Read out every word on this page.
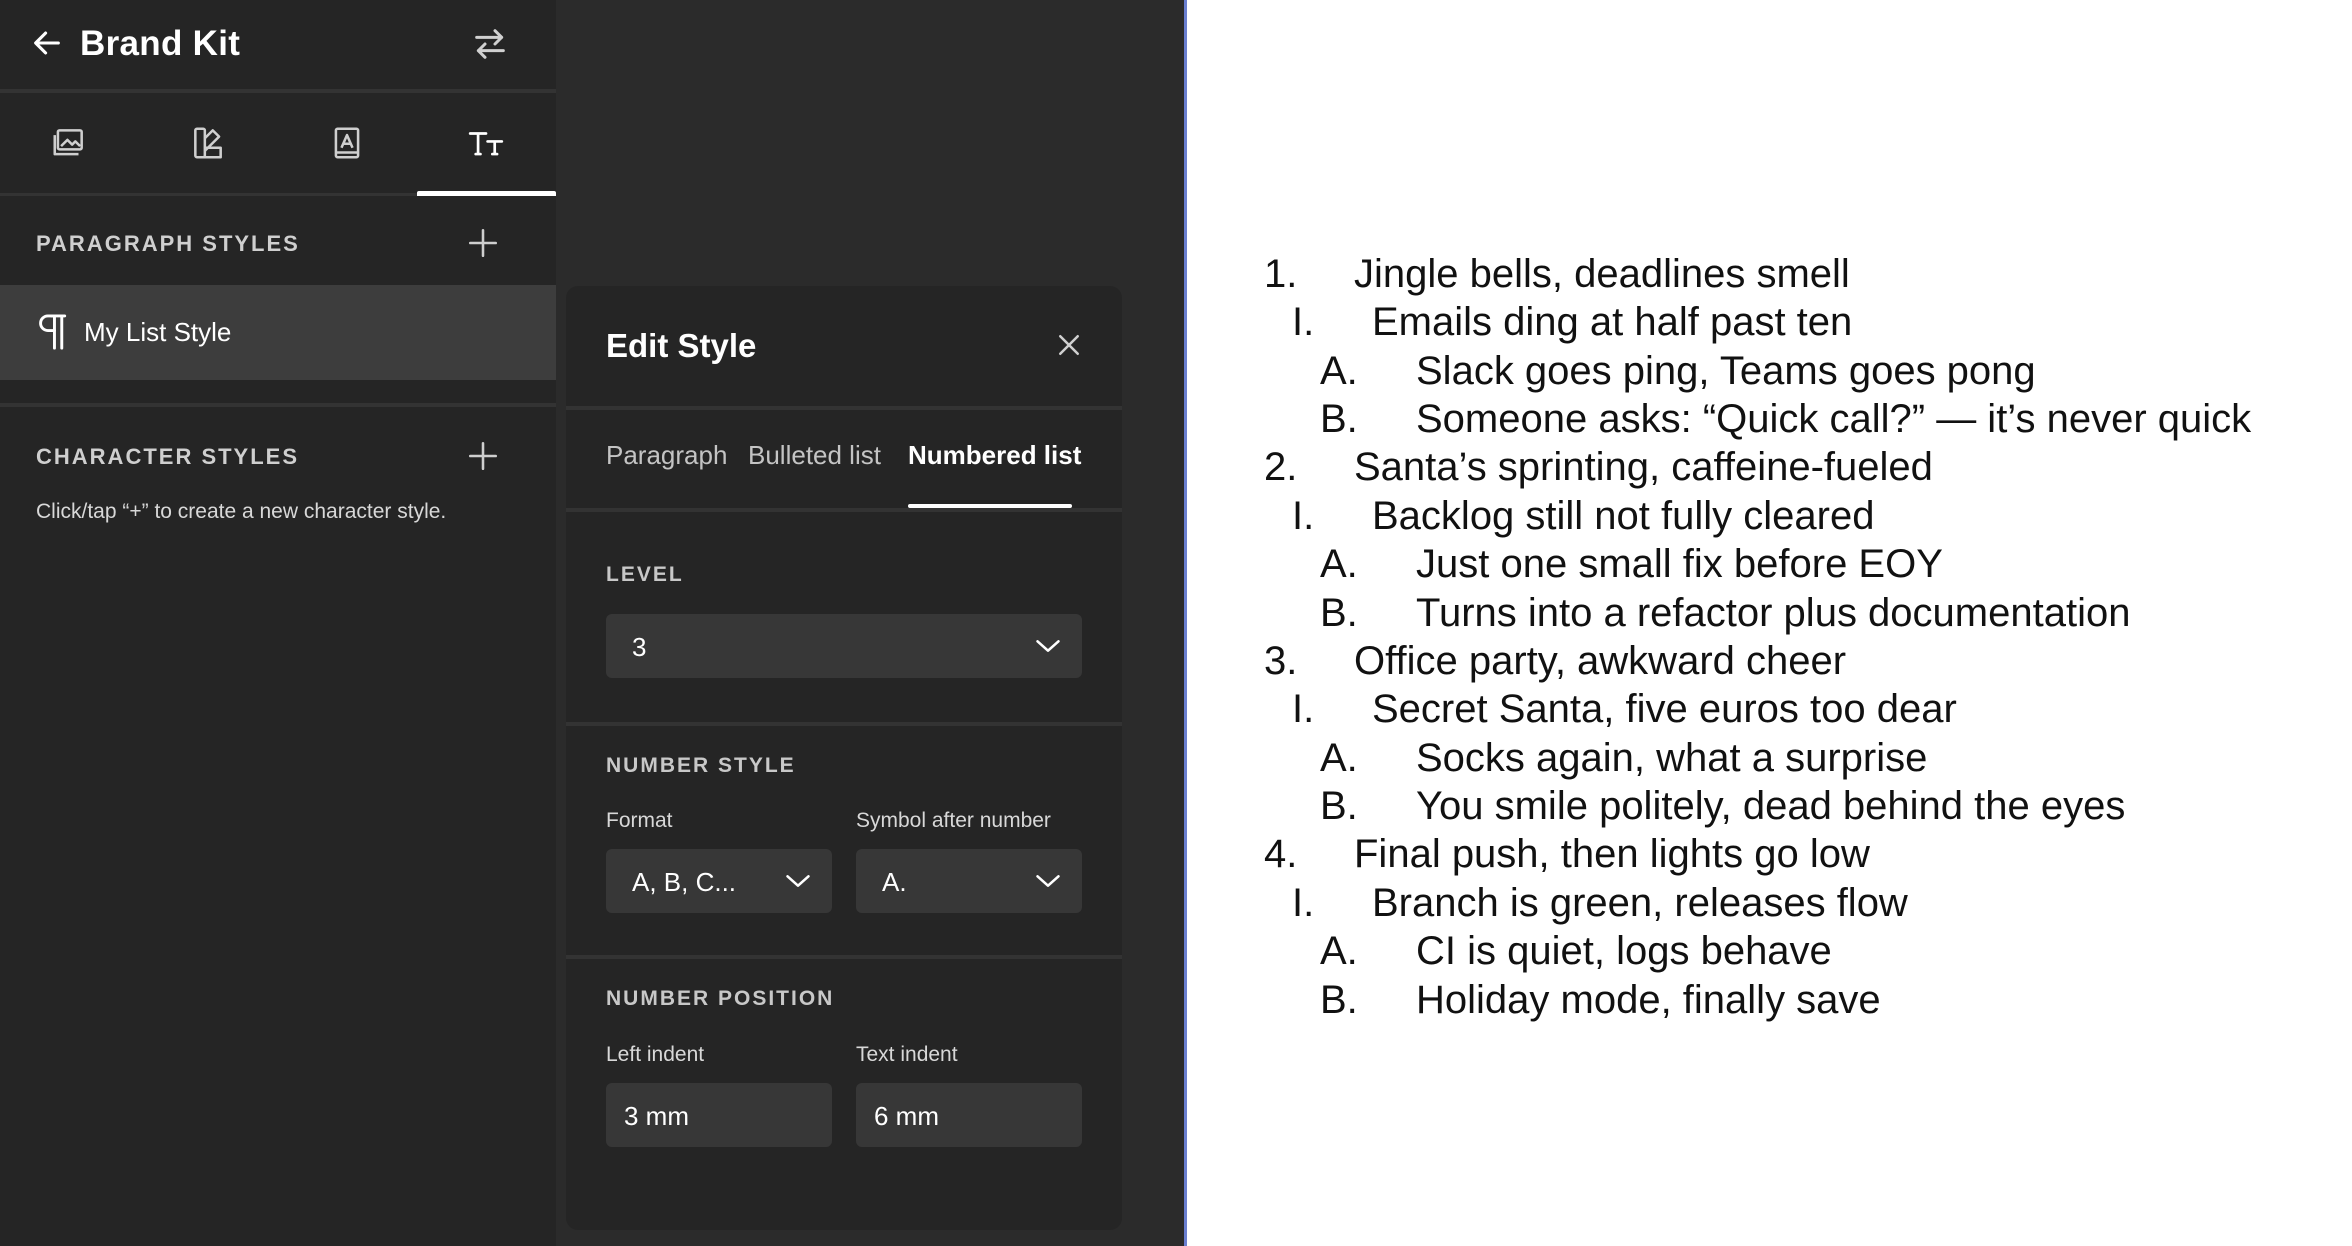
Brand Kit
PARAGRAPH STYLES
My List Style
CHARACTER STYLES
Click/tap “+” to create a new character style.
Edit Style
Paragraph Bulleted list Numbered list
LEVEL
3
NUMBER STYLE
Format	Symbol after number
A, B, C...	A.
NUMBER POSITION
Left indent	Text indent
3 mm	6 mm
1. Jingle bells, deadlines smell
I. Emails ding at half past ten
A. Slack goes ping, Teams goes pong
B. Someone asks: “Quick call?” — it’s never quick
2. Santa’s sprinting, caffeine-fueled
I. Backlog still not fully cleared
A. Just one small fix before EOY
B. Turns into a refactor plus documentation
3. Office party, awkward cheer
I. Secret Santa, five euros too dear
A. Socks again, what a surprise
B. You smile politely, dead behind the eyes
4. Final push, then lights go low
I. Branch is green, releases flow
A. CI is quiet, logs behave
B. Holiday mode, finally save
